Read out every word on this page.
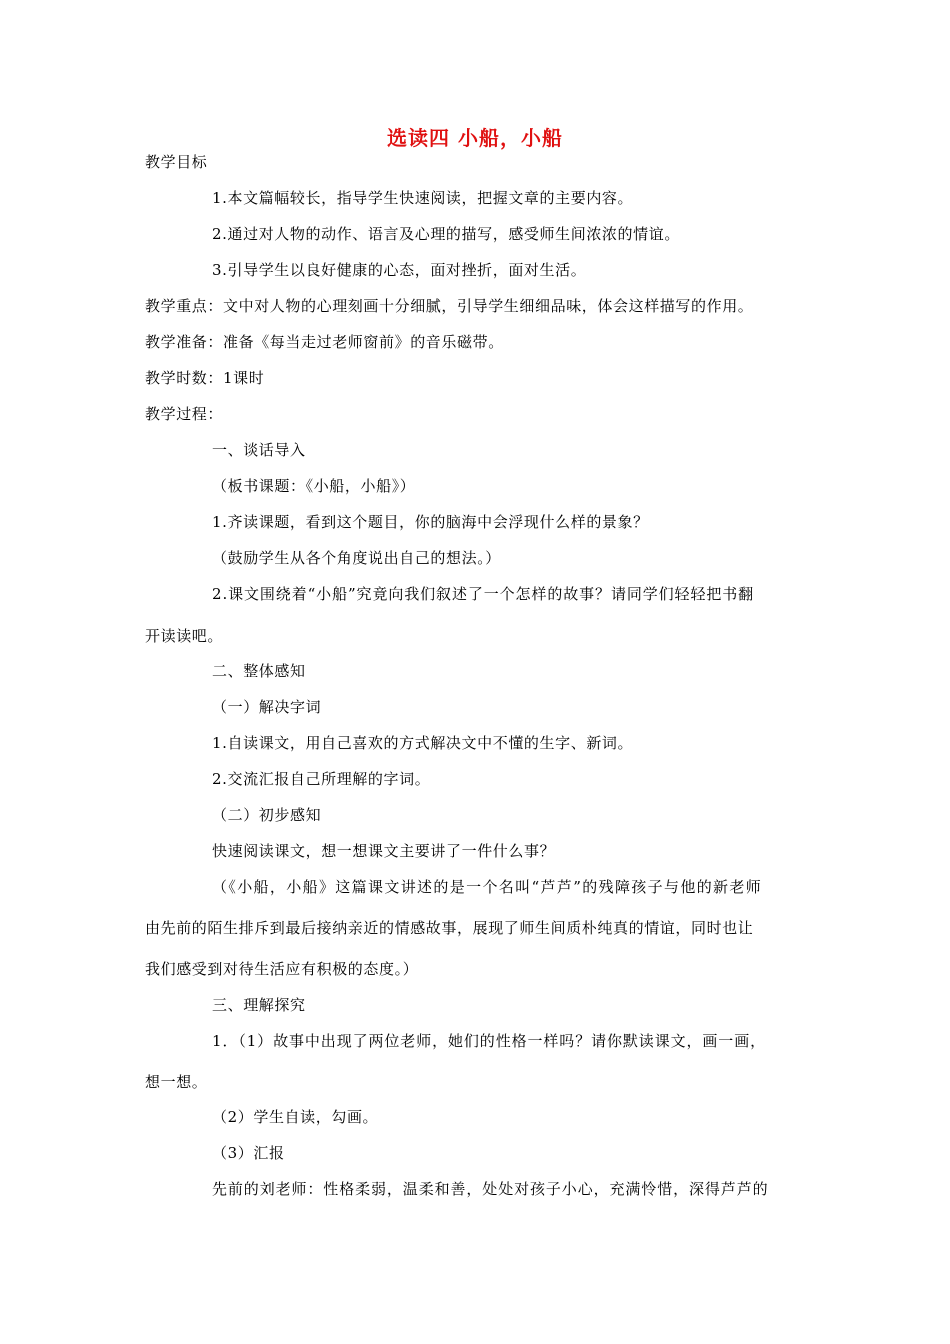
选读四 小船，小船
教学目标
1.本文篇幅较长，指导学生快速阅读，把握文章的主要内容。
2.通过对人物的动作、语言及心理的描写，感受师生间浓浓的情谊。
3.引导学生以良好健康的心态，面对挫折，面对生活。
教学重点：文中对人物的心理刻画十分细腻，引导学生细细品味，体会这样描写的作用。
教学准备：准备《每当走过老师窗前》的音乐磁带。
教学时数：1课时
教学过程：
一、谈话导入
（板书课题：《小船，小船》）
1.齐读课题，看到这个题目，你的脑海中会浮现什么样的景象？
（鼓励学生从各个角度说出自己的想法。）
2.课文围绕着“小船”究竟向我们叙述了一个怎样的故事？请同学们轻轻把书翻
开读读吧。
二、整体感知
（一）解决字词
1.自读课文，用自己喜欢的方式解决文中不懂的生字、新词。
2.交流汇报自己所理解的字词。
（二）初步感知
快速阅读课文，想一想课文主要讲了一件什么事？
（《小船，小船》这篇课文讲述的是一个名叫“芦芦”的残障孩子与他的新老师
由先前的陌生排斥到最后接纳亲近的情感故事，展现了师生间质朴纯真的情谊，同时也让
我们感受到对待生活应有积极的态度。）
三、理解探究
1．（1）故事中出现了两位老师，她们的性格一样吗？请你默读课文，画一画，
想一想。
（2）学生自读，勾画。
（3）汇报
先前的刘老师：性格柔弱，温柔和善，处处对孩子小心，充满怜惜，深得芦芦的
